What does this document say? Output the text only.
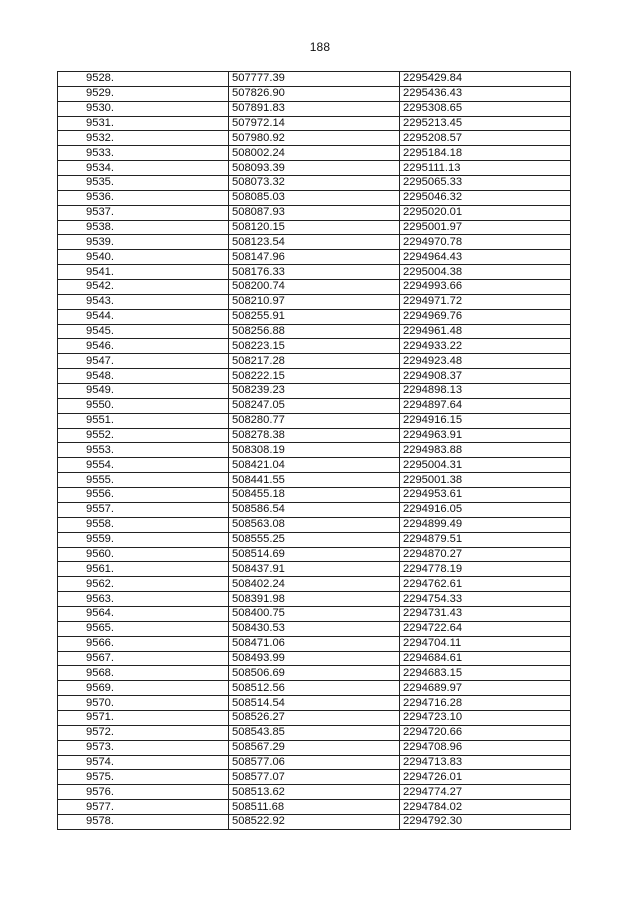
188
9528.	507777.39	2295429.84
9529.	507826.90	2295436.43
9530.	507891.83	2295308.65
9531.	507972.14	2295213.45
9532.	507980.92	2295208.57
9533.	508002.24	2295184.18
9534.	508093.39	2295111.13
9535.	508073.32	2295065.33
9536.	508085.03	2295046.32
9537.	508087.93	2295020.01
9538.	508120.15	2295001.97
9539.	508123.54	2294970.78
9540.	508147.96	2294964.43
9541.	508176.33	2295004.38
9542.	508200.74	2294993.66
9543.	508210.97	2294971.72
9544.	508255.91	2294969.76
9545.	508256.88	2294961.48
9546.	508223.15	2294933.22
9547.	508217.28	2294923.48
9548.	508222.15	2294908.37
9549.	508239.23	2294898.13
9550.	508247.05	2294897.64
9551.	508280.77	2294916.15
9552.	508278.38	2294963.91
9553.	508308.19	2294983.88
9554.	508421.04	2295004.31
9555.	508441.55	2295001.38
9556.	508455.18	2294953.61
9557.	508586.54	2294916.05
9558.	508563.08	2294899.49
9559.	508555.25	2294879.51
9560.	508514.69	2294870.27
9561.	508437.91	2294778.19
9562.	508402.24	2294762.61
9563.	508391.98	2294754.33
9564.	508400.75	2294731.43
9565.	508430.53	2294722.64
9566.	508471.06	2294704.11
9567.	508493.99	2294684.61
9568.	508506.69	2294683.15
9569.	508512.56	2294689.97
9570.	508514.54	2294716.28
9571.	508526.27	2294723.10
9572.	508543.85	2294720.66
9573.	508567.29	2294708.96
9574.	508577.06	2294713.83
9575.	508577.07	2294726.01
9576.	508513.62	2294774.27
9577.	508511.68	2294784.02
9578.	508522.92	2294792.30
